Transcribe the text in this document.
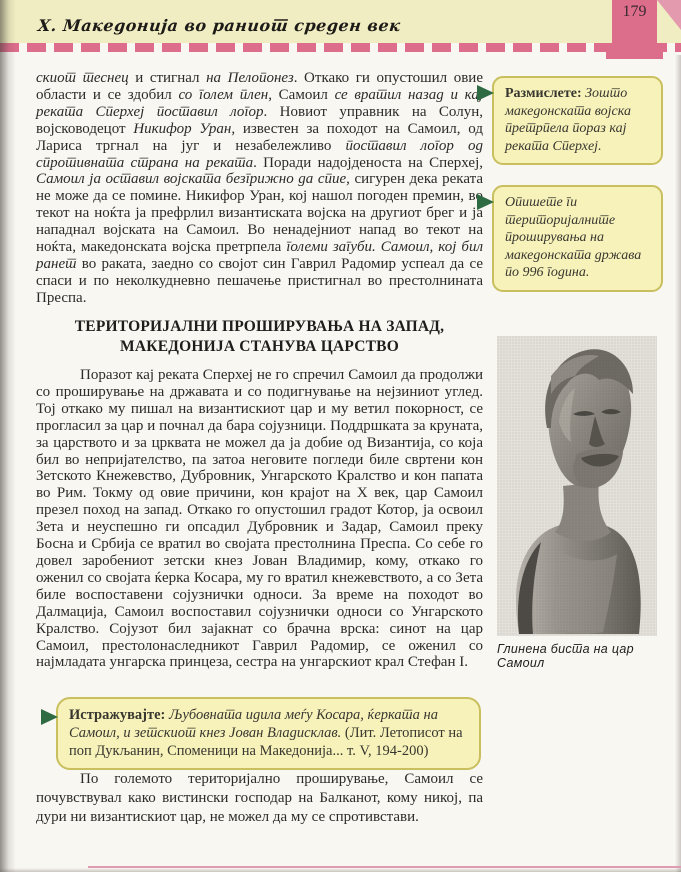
Х. Македонија во раниот среден век
179
скиот теснец и стигнал на Пелопонез. Откако ги опустошил овие области и се здобил со голем плен, Самоил се вратил назад и кај реката Сперхеј поставил логор. Новиот управник на Солун, војсководецот Никифор Уран, известен за походот на Самоил, од Лариса тргнал на југ и незабележливо поставил логор од спротивната страна на реката. Поради надојденоста на Сперхеј, Самоил ја оставил војската безгрижно да спие, сигурен дека реката не може да се помине. Никифор Уран, кој нашол погоден премин, во текот на ноќта ја префрлил византиската војска на другиот брег и ја нападнал војската на Самоил. Во ненадејниот напад во текот на ноќта, македонската војска претрпела големи загуби. Самоил, кој бил ранет во раката, заедно со својот син Гаврил Радомир успеал да се спаси и по неколкудневно пешачење пристигнал во престолнината Преспа.
Размислете: Зошто македонската војска претрпела пораз кај реката Сперхеј.
Опишете ги територијалните проширувања на македонската држава по 996 година.
ТЕРИТОРИЈАЛНИ ПРОШИРУВАЊА НА ЗАПАД,
МАКЕДОНИЈА СТАНУВА ЦАРСТВО
Поразот кај реката Сперхеј не го спречил Самоил да продолжи со проширување на државата и со подигнување на нејзиниот углед. Тој откако му пишал на византискиот цар и му ветил покорност, се прогласил за цар и почнал да бара сојузници. Поддршката за круната, за царството и за црквата не можел да ја добие од Византија, со која бил во непријателство, па затоа неговите погледи биле свртени кон Зетското Кнежевство, Дубровник, Унгарското Кралство и кон папата во Рим. Токму од овие причини, кон крајот на X век, цар Самоил презел поход на запад. Откако го опустошил градот Котор, ја освоил Зета и неуспешно ги опсадил Дубровник и Задар, Самоил преку Босна и Србија се вратил во својата престолнина Преспа. Со себе го довел заробениот зетски кнез Јован Владимир, кому, откако го оженил со својата ќерка Косара, му го вратил кнежевството, а со Зета биле воспоставени сојузнички односи. За време на походот во Далмација, Самоил воспоставил сојузнички односи со Унгарското Кралство. Сојузот бил зајакнат со брачна врска: синот на цар Самоил, престолонаследникот Гаврил Радомир, се оженил со најмладата унгарска принцеза, сестра на унгарскиот крал Стефан I.
Глинена биста на цар Самоил
Истражувајте: Љубовната идила меѓу Косара, ќерката на Самоил, и зетскиот кнез Јован Владисклав. (Лит. Летописот на поп Дукљанин, Споменици на Македонија... т. V, 194-200)
По големото територијално проширување, Самоил се почувствувал како вистински господар на Балканот, кому никој, па дури ни византискиот цар, не можел да му се спротивстави.
